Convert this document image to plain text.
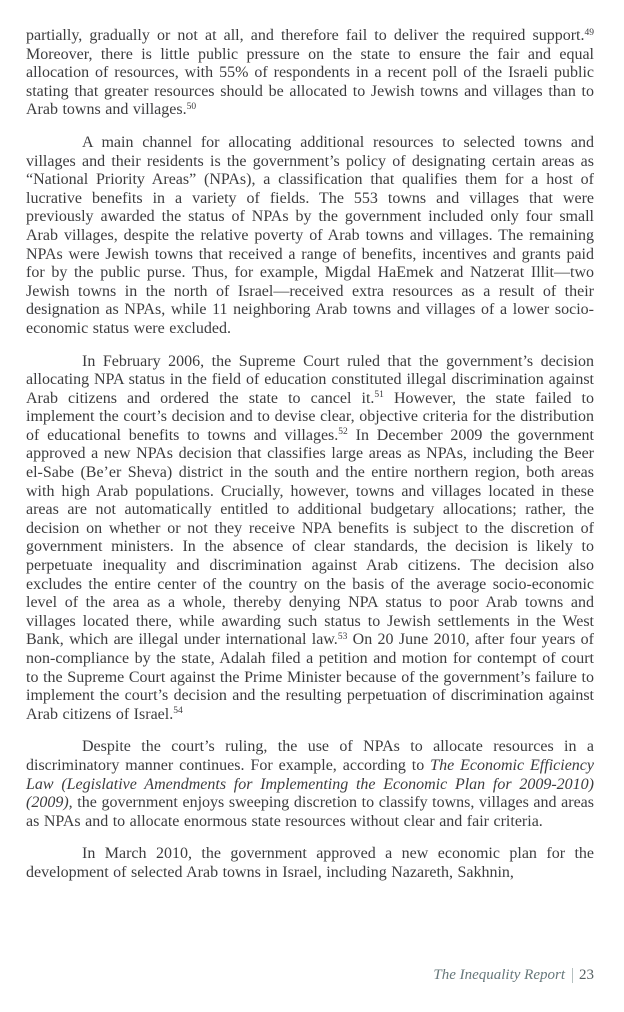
partially, gradually or not at all, and therefore fail to deliver the required support.$^{49}$ Moreover, there is little public pressure on the state to ensure the fair and equal allocation of resources, with 55% of respondents in a recent poll of the Israeli public stating that greater resources should be allocated to Jewish towns and villages than to Arab towns and villages.$^{50}$

A main channel for allocating additional resources to selected towns and villages and their residents is the government’s policy of designating certain areas as “National Priority Areas” (NPAs), a classification that qualifies them for a host of lucrative benefits in a variety of fields. The 553 towns and villages that were previously awarded the status of NPAs by the government included only four small Arab villages, despite the relative poverty of Arab towns and villages. The remaining NPAs were Jewish towns that received a range of benefits, incentives and grants paid for by the public purse. Thus, for example, Migdal HaEmek and Natzerat Illit—two Jewish towns in the north of Israel—received extra resources as a result of their designation as NPAs, while 11 neighboring Arab towns and villages of a lower socio-economic status were excluded.

In February 2006, the Supreme Court ruled that the government’s decision allocating NPA status in the field of education constituted illegal discrimination against Arab citizens and ordered the state to cancel it.$^{51}$ However, the state failed to implement the court’s decision and to devise clear, objective criteria for the distribution of educational benefits to towns and villages.$^{52}$ In December 2009 the government approved a new NPAs decision that classifies large areas as NPAs, including the Beer el-Sabe (Be’er Sheva) district in the south and the entire northern region, both areas with high Arab populations. Crucially, however, towns and villages located in these areas are not automatically entitled to additional budgetary allocations; rather, the decision on whether or not they receive NPA benefits is subject to the discretion of government ministers. In the absence of clear standards, the decision is likely to perpetuate inequality and discrimination against Arab citizens. The decision also excludes the entire center of the country on the basis of the average socio-economic level of the area as a whole, thereby denying NPA status to poor Arab towns and villages located there, while awarding such status to Jewish settlements in the West Bank, which are illegal under international law.$^{53}$ On 20 June 2010, after four years of non-compliance by the state, Adalah filed a petition and motion for contempt of court to the Supreme Court against the Prime Minister because of the government’s failure to implement the court’s decision and the resulting perpetuation of discrimination against Arab citizens of Israel.$^{54}$

Despite the court’s ruling, the use of NPAs to allocate resources in a discriminatory manner continues. For example, according to The Economic Efficiency Law (Legislative Amendments for Implementing the Economic Plan for 2009-2010) (2009), the government enjoys sweeping discretion to classify towns, villages and areas as NPAs and to allocate enormous state resources without clear and fair criteria.

In March 2010, the government approved a new economic plan for the development of selected Arab towns in Israel, including Nazareth, Sakhnin,

The Inequality Report 23
